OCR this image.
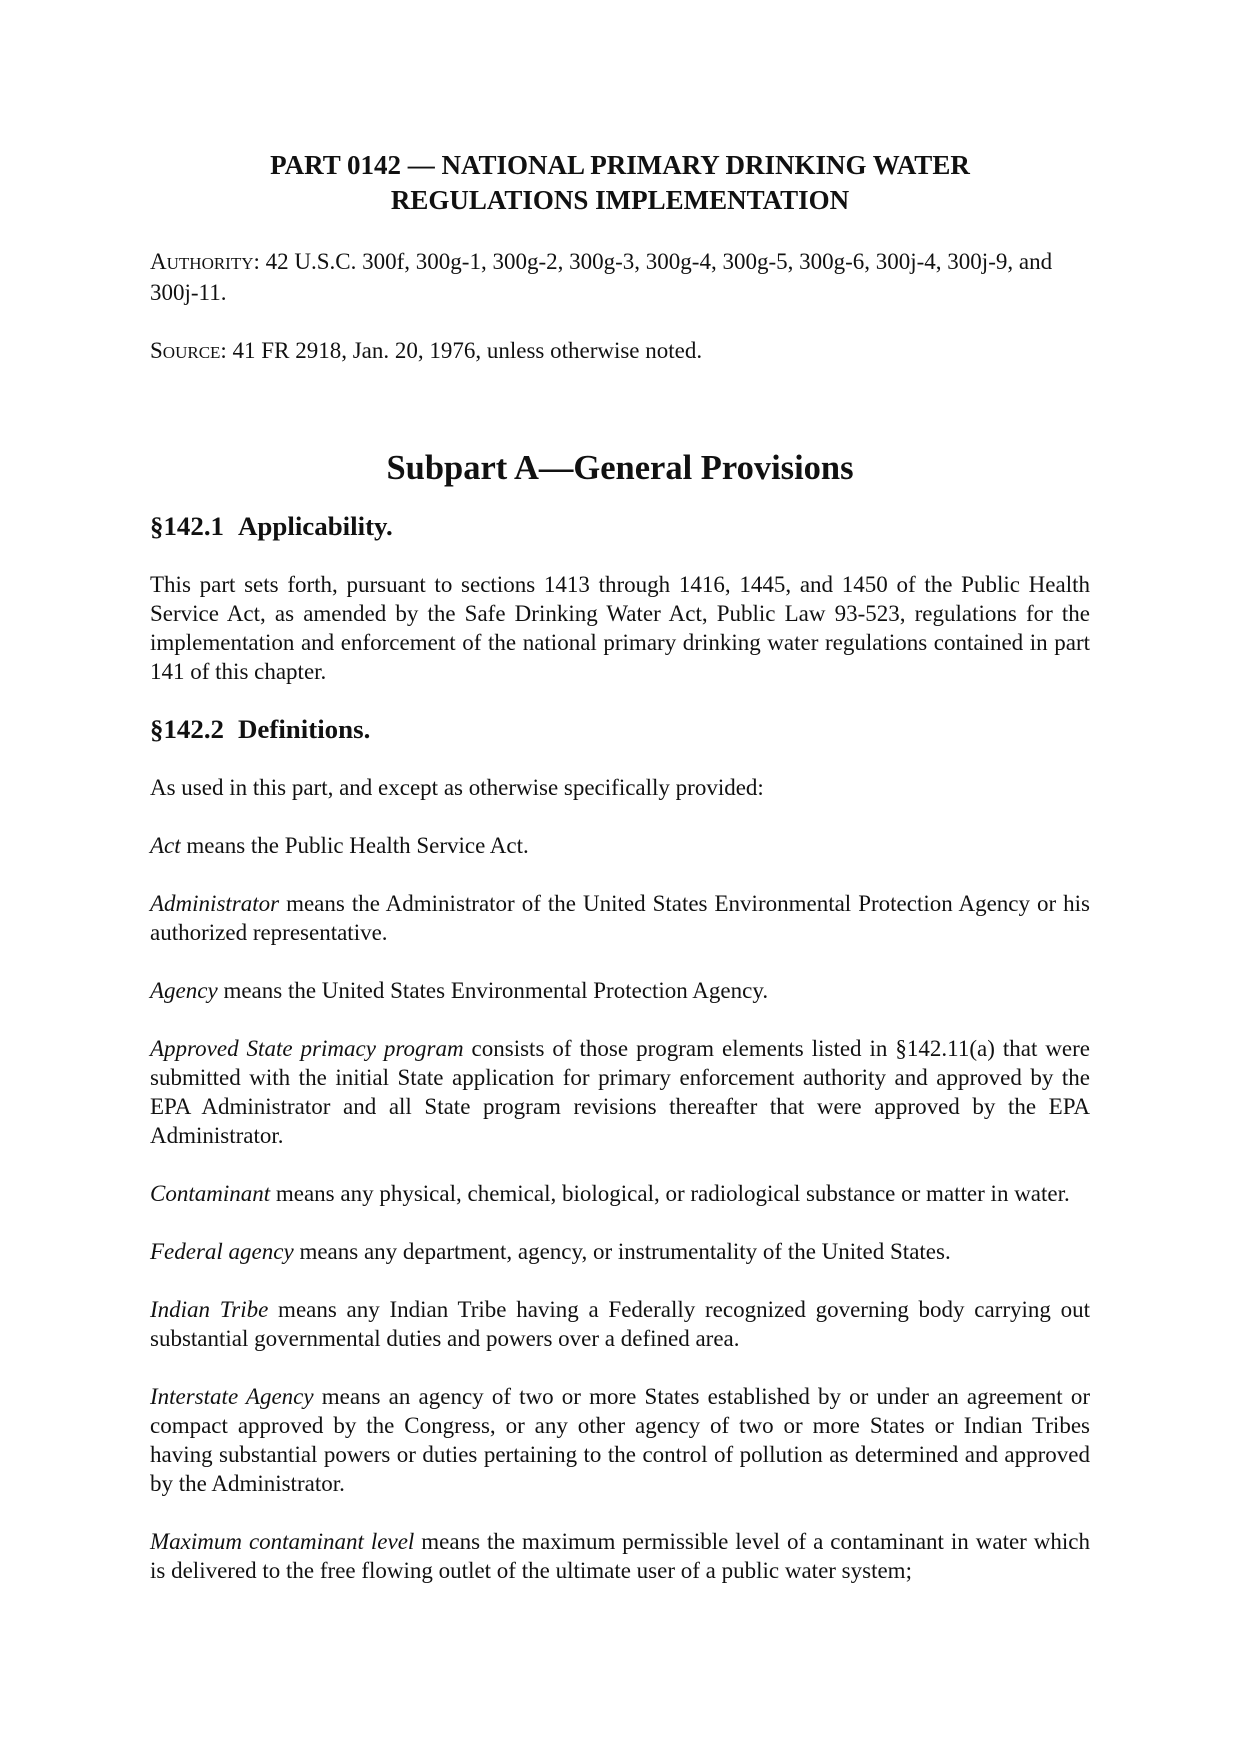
PART 0142 — NATIONAL PRIMARY DRINKING WATER
REGULATIONS IMPLEMENTATION

AUTHORITY: 42 U.S.C. 300f, 300g-1, 300g-2, 300g-3, 300g-4, 300g-5, 300g-6, 300j-4, 300j-9, and 300j-11.

SOURCE: 41 FR 2918, Jan. 20, 1976, unless otherwise noted.

Subpart A—General Provisions
§142.1 Applicability.

This part sets forth, pursuant to sections 1413 through 1416, 1445, and 1450 of the Public Health Service Act, as amended by the Safe Drinking Water Act, Public Law 93-523, regulations for the implementation and enforcement of the national primary drinking water regulations contained in part 141 of this chapter.

§142.2 Definitions.

As used in this part, and except as otherwise specifically provided:

Act means the Public Health Service Act.

Administrator means the Administrator of the United States Environmental Protection Agency or his authorized representative.

Agency means the United States Environmental Protection Agency.

Approved State primacy program consists of those program elements listed in §142.11(a) that were submitted with the initial State application for primary enforcement authority and approved by the EPA Administrator and all State program revisions thereafter that were approved by the EPA Administrator.

Contaminant means any physical, chemical, biological, or radiological substance or matter in water.

Federal agency means any department, agency, or instrumentality of the United States.

Indian Tribe means any Indian Tribe having a Federally recognized governing body carrying out substantial governmental duties and powers over a defined area.

Interstate Agency means an agency of two or more States established by or under an agreement or compact approved by the Congress, or any other agency of two or more States or Indian Tribes having substantial powers or duties pertaining to the control of pollution as determined and approved by the Administrator.

Maximum contaminant level means the maximum permissible level of a contaminant in water which is delivered to the free flowing outlet of the ultimate user of a public water system;
